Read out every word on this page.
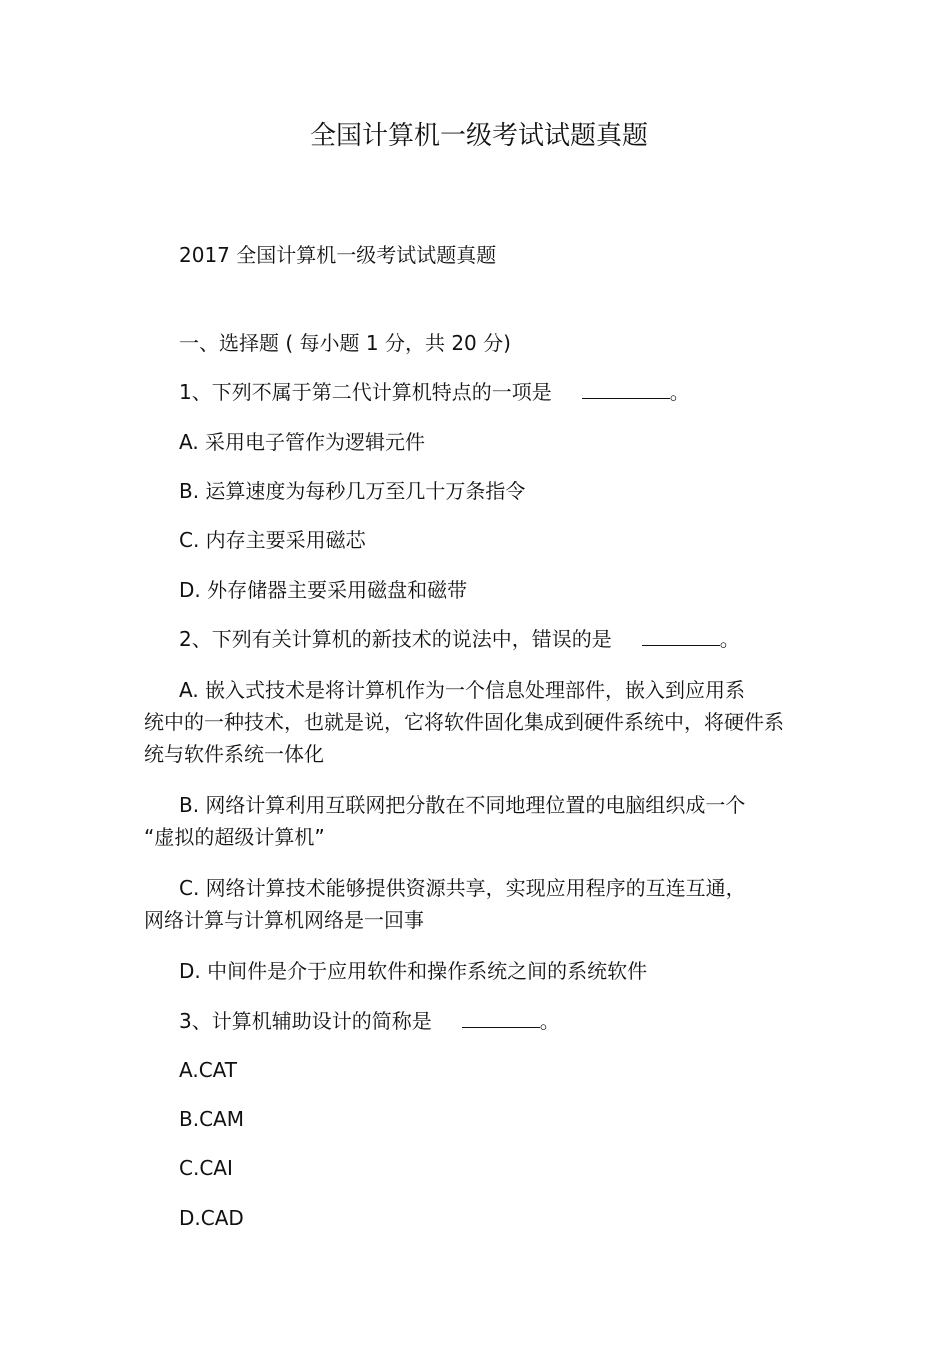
全国计算机一级考试试题真题
2017 全国计算机一级考试试题真题
一、选择题 ( 每小题 1 分，共 20 分)
1、下列不属于第二代计算机特点的一项是	。
A. 采用电子管作为逻辑元件
B. 运算速度为每秒几万至几十万条指令
C. 内存主要采用磁芯
D. 外存储器主要采用磁盘和磁带
2、下列有关计算机的新技术的说法中，错误的是	。
A. 嵌入式技术是将计算机作为一个信息处理部件，嵌入到应用系
统中的一种技术，也就是说，它将软件固化集成到硬件系统中，将硬件系统与软件系统一体化
B. 网络计算利用互联网把分散在不同地理位置的电脑组织成一个
“虚拟的超级计算机”
C. 网络计算技术能够提供资源共享，实现应用程序的互连互通，
网络计算与计算机网络是一回事
D. 中间件是介于应用软件和操作系统之间的系统软件
3、计算机辅助设计的简称是	。
A.CAT
B.CAM
C.CAI
D.CAD
